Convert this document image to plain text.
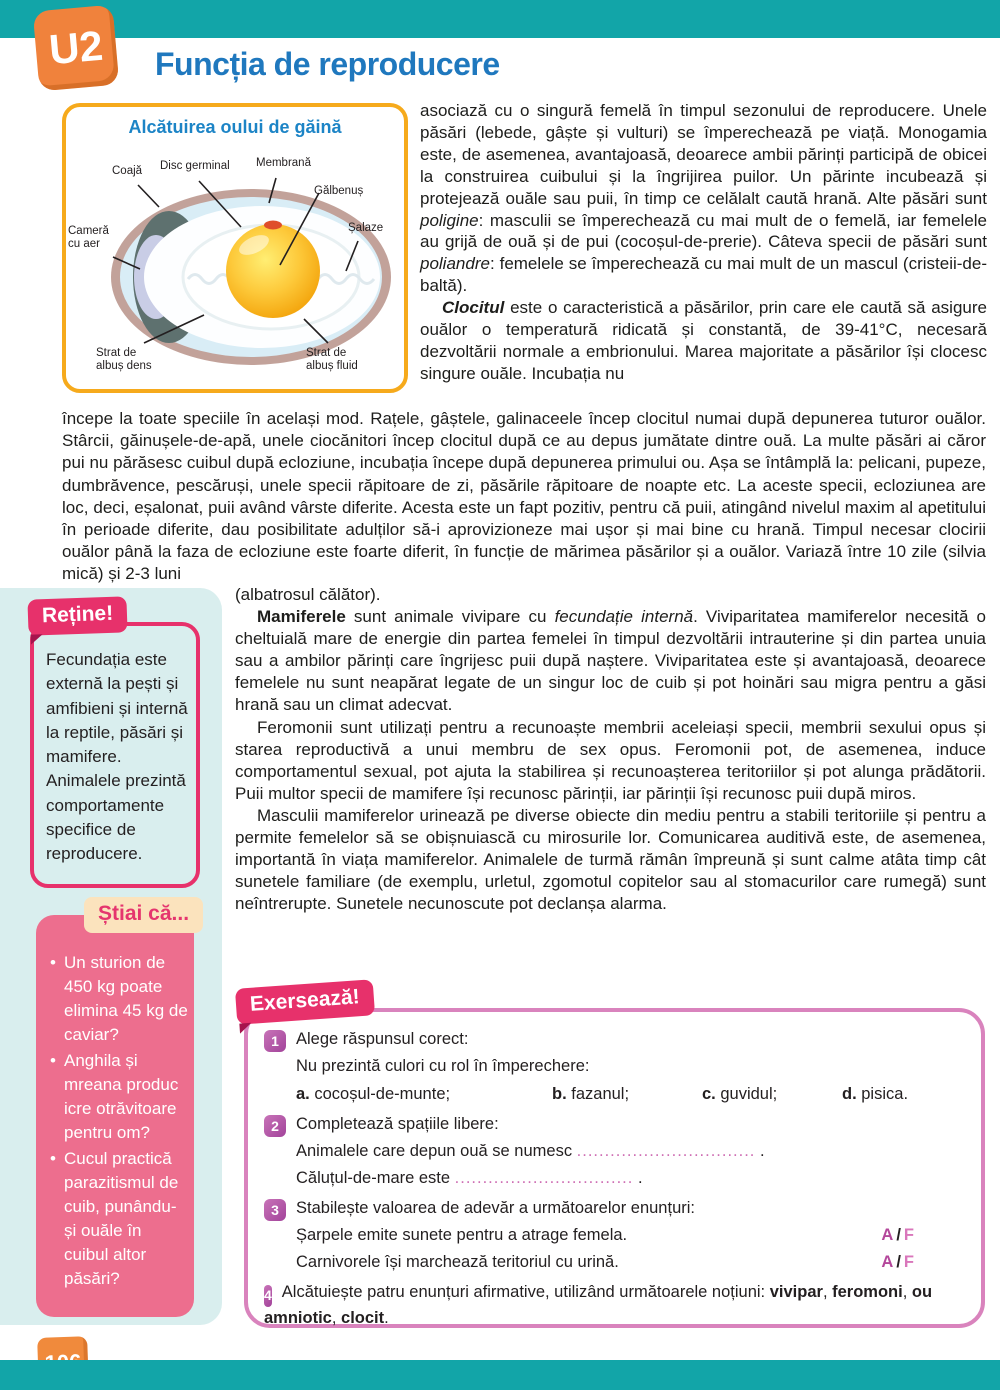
U2 Funcția de reproducere
Alcătuirea oului de găină
Coajă Disc germinal Membrană
Gălbenuș
Șalaze
Cameră cu aer
Strat de albuș dens
Strat de albuș fluid

asociază cu o singură femelă în timpul sezonului de reproducere. Unele păsări (lebede, gâște și vulturi) se împerechează pe viață. Monogamia este, de asemenea, avantajoasă, deoarece ambii părinți participă de obicei la construirea cuibului și la îngrijirea puilor. Un părinte incubează și protejează ouăle sau puii, în timp ce celălalt caută hrană. Alte păsări sunt poligine: masculii se împerechează cu mai mult de o femelă, iar femelele au grijă de ouă și de pui (cocoșul-de-prerie). Câteva specii de păsări sunt poliandre: femelele se împerechează cu mai mult de un mascul (cristeii-de-baltă).

Clocitul este o caracteristică a păsărilor, prin care ele caută să asigure ouălor o temperatură ridicată și constantă, de 39-41°C, necesară dezvoltării normale a embrionului. Marea majoritate a păsărilor își clocesc singure ouăle. Incubația nu

începe la toate speciile în același mod. Rațele, gâștele, galinaceele încep clocitul numai după depunerea tuturor ouălor. Stârcii, găinușele-de-apă, unele ciocănitori încep clocitul după ce au depus jumătate dintre ouă. La multe păsări ai căror pui nu părăsesc cuibul după ecloziune, incubația începe după depunerea primului ou. Așa se întâmplă la: pelicani, pupeze, dumbrăvence, pescăruși, unele specii răpitoare de zi, păsările răpitoare de noapte etc. La aceste specii, ecloziunea are loc, deci, eșalonat, puii având vârste diferite. Acesta este un fapt pozitiv, pentru că puii, atingând nivelul maxim al apetitului în perioade diferite, dau posibilitate adulților să-i aprovizioneze mai ușor și mai bine cu hrană. Timpul necesar clocirii ouălor până la faza de ecloziune este foarte diferit, în funcție de mărimea păsărilor și a ouălor. Variază între 10 zile (silvia mică) și 2-3 luni

(albatrosul călător).

Mamiferele sunt animale vivipare cu fecundație internă. Viviparitatea mamiferelor necesită o cheltuială mare de energie din partea femelei în timpul dezvoltării intrauterine și din partea unuia sau a ambilor părinți care îngrijesc puii după naștere. Viviparitatea este și avantajoasă, deoarece femelele nu sunt neapărat legate de un singur loc de cuib și pot hoinări sau migra pentru a găsi hrană sau un climat adecvat.

Feromonii sunt utilizați pentru a recunoaște membrii aceleiași specii, membrii sexului opus și starea reproductivă a unui membru de sex opus. Feromonii pot, de asemenea, induce comportamentul sexual, pot ajuta la stabilirea și recunoașterea teritoriilor și pot alunga prădătorii. Puii multor specii de mamifere își recunosc părinții, iar părinții își recunosc puii după miros.

Masculii mamiferelor urinează pe diverse obiecte din mediu pentru a stabili teritoriile și pentru a permite femelelor să se obișnuiască cu mirosurile lor. Comunicarea auditivă este, de asemenea, importantă în viața mamiferelor. Animalele de turmă rămân împreună și sunt calme atâta timp cât sunetele familiare (de exemplu, urletul, zgomotul copitelor sau al stomacurilor care rumegă) sunt neîntrerupte. Sunetele necunoscute pot declanșa alarma.

Reține!
Fecundația este externă la pești și amfibieni și internă la reptile, păsări și mamifere. Animalele prezintă comportamente specifice de reproducere.
Știai că...
• Un sturion de 450 kg poate elimina 45 kg de caviar?
• Anghila și mreana produc icre otrăvitoare pentru om?
• Cucul practică parazitismul de cuib, punându-și ouăle în cuibul altor păsări?
Exersează!
1	Alege răspunsul corect:
Nu prezintă culori cu rol în împerechere:
a. cocoșul-de-munte;	b. fazanul;	c. guvidul;	d. pisica.
2	Completează spațiile libere:
Animalele care depun ouă se numesc ................................ .
Căluțul-de-mare este ................................ .
3	Stabilește valoarea de adevăr a următoarelor enunțuri:
Șarpele emite sunete pentru a atrage femela.	A / F
Carnivorele își marchează teritoriul cu urină.	A / F
4 Alcătuiește patru enunțuri afirmative, utilizând următoarele noțiuni: vivipar, feromoni, ou amniotic, clocit.
